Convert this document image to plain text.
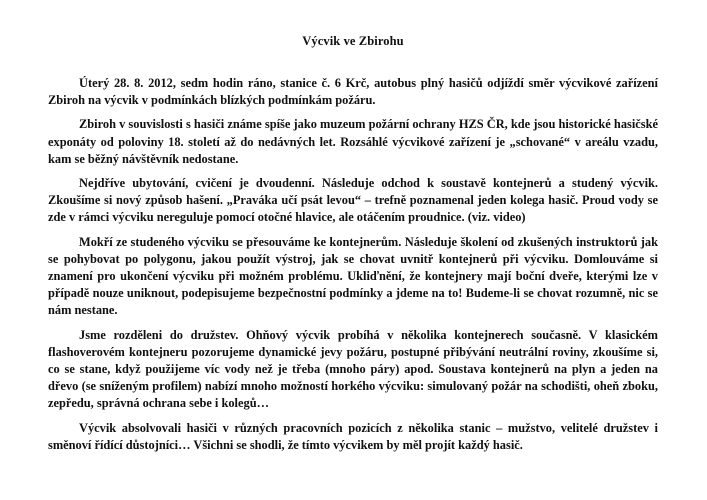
Výcvik ve Zbirohu

Úterý 28. 8. 2012, sedm hodin ráno, stanice č. 6 Krč, autobus plný hasičů odjíždí směr výcvikové zařízení Zbiroh na výcvik v podmínkách blízkých podmínkám požáru.

Zbiroh v souvislosti s hasiči známe spíše jako muzeum požární ochrany HZS ČR, kde jsou historické hasičské exponáty od poloviny 18. století až do nedávných let. Rozsáhlé výcvikové zařízení je „schované“ v areálu vzadu, kam se běžný návštěvník nedostane.

Nejdříve ubytování, cvičení je dvoudenní. Následuje odchod k soustavě kontejnerů a studený výcvik. Zkoušíme si nový způsob hašení. „Pravákа učí psát levou“ – trefně poznamenal jeden kolega hasič. Proud vody se zde v rámci výcviku nereguluje pomocí otočné hlavice, ale otáčením proudnice. (viz. video)

Mokří ze studeného výcviku se přesouváme ke kontejnerům. Následuje školení od zkušených instruktorů jak se pohybovat po polygonu, jakou použít výstroj, jak se chovat uvnitř kontejnerů při výcviku. Domlouváme si znamení pro ukončení výcviku při možném problému. Ukliďnění, že kontejnery mají boční dveře, kterými lze v případě nouze uniknout, podepisujeme bezpečnostní podmínky a jdeme na to! Budeme-li se chovat rozumně, nic se nám nestane.

Jsme rozděleni do družstev. Ohňový výcvik probíhá v několika kontejnerech současně. V klasickém flashoverovém kontejneru pozorujeme dynamické jevy požáru, postupné přibývání neutrální roviny, zkoušíme si, co se stane, když použijeme víc vody než je třeba (mnoho páry) apod. Soustava kontejnerů na plyn a jeden na dřevo (se sníženým profilem) nabízí mnoho možností horkého výcviku: simulovaný požár na schodišti, oheň zboku, zepředu, správná ochrana sebe i kolegů…

Výcvik absolvovali hasiči v různých pracovních pozicích z několika stanic – mužstvo, velitelé družstev i směnoví řídící důstojníci… Všichni se shodli, že tímto výcvikem by měl projít každý hasič.
